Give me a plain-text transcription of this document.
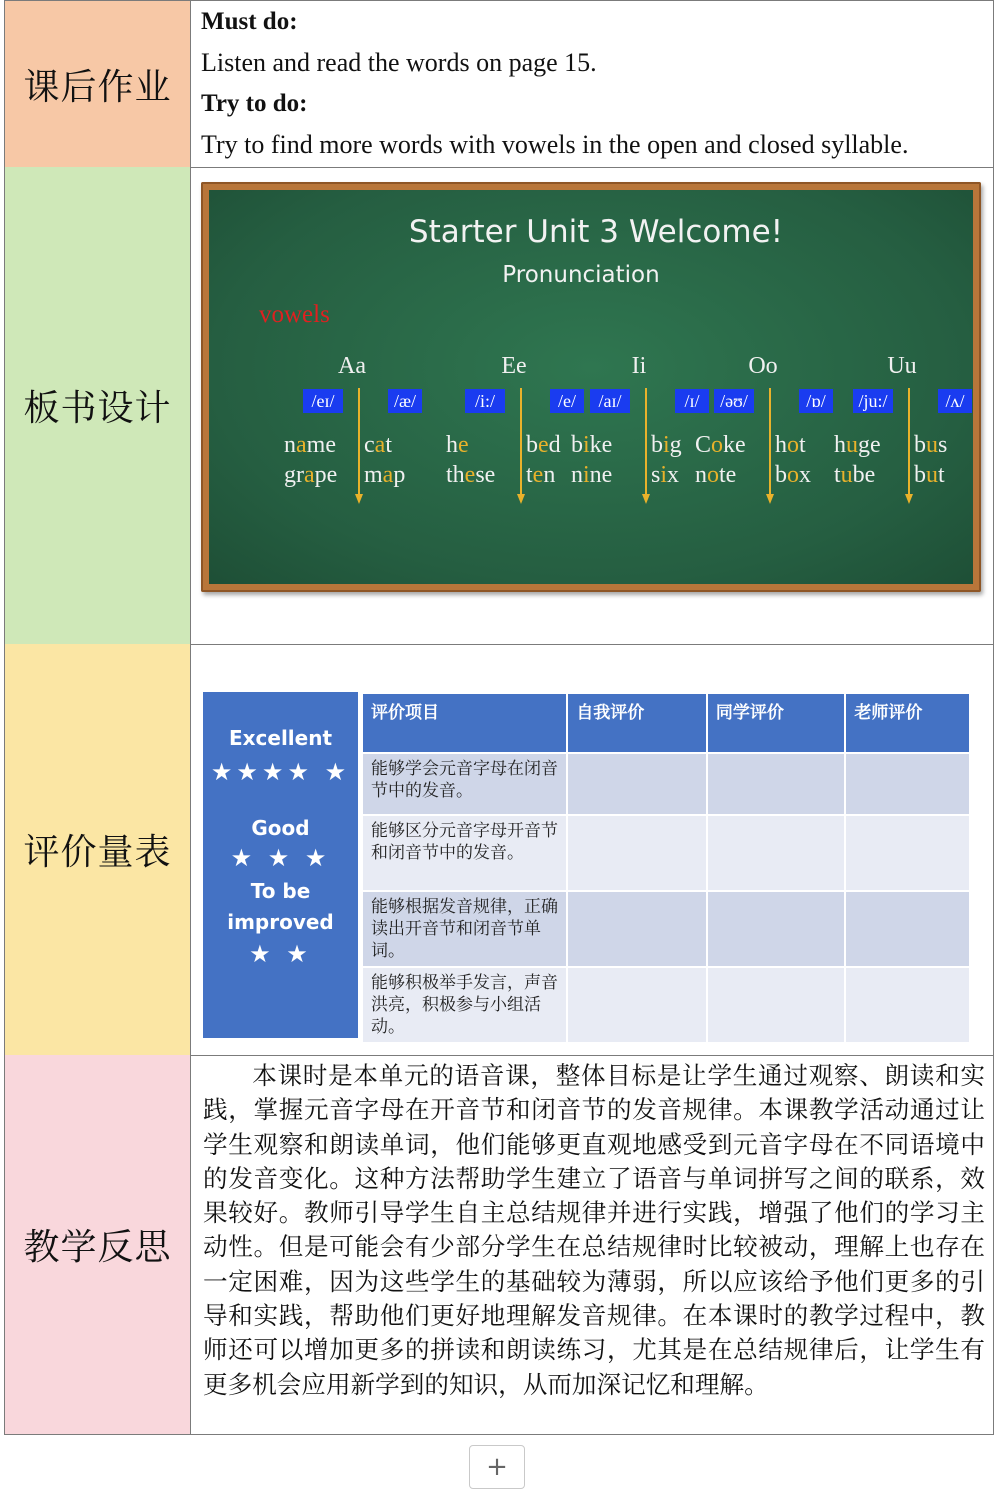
课后作业
Must do:
Listen and read the words on page 15.
Try to do:
Try to find more words with vowels in the open and closed syllable.
板书设计
Starter Unit 3 Welcome!
Pronunciation
vowels
Aa
/eɪ/
name
grape
/æ/
cat
map
Ee
/i:/
he
these
/e/
bed
ten
Ii
/aɪ/
bike
nine
/ɪ/
big
six
Oo
/əʊ/
Coke
note
/ɒ/
hot
box
Uu
/ju:/
huge
tube
/ʌ/
bus
but
评价量表
Excellent
★★★★ ★
Good
★ ★ ★
To be improved
★ ★
评价项目	自我评价	同学评价	老师评价
能够学会元音字母在闭音节中的发音。			
能够区分元音字母开音节和闭音节中的发音。			
能够根据发音规律，正确读出开音节和闭音节单词。			
能够积极举手发言，声音洪亮，积极参与小组活动。			
教学反思
本课时是本单元的语音课，整体目标是让学生通过观察、朗读和实践，掌握元音字母在开音节和闭音节的发音规律。本课教学活动通过让学生观察和朗读单词，他们能够更直观地感受到元音字母在不同语境中的发音变化。这种方法帮助学生建立了语音与单词拼写之间的联系，效果较好。教师引导学生自主总结规律并进行实践，增强了他们的学习主动性。但是可能会有少部分学生在总结规律时比较被动，理解上也存在一定困难，因为这些学生的基础较为薄弱，所以应该给予他们更多的引导和实践，帮助他们更好地理解发音规律。在本课时的教学过程中，教师还可以增加更多的拼读和朗读练习，尤其是在总结规律后，让学生有更多机会应用新学到的知识，从而加深记忆和理解。
+
